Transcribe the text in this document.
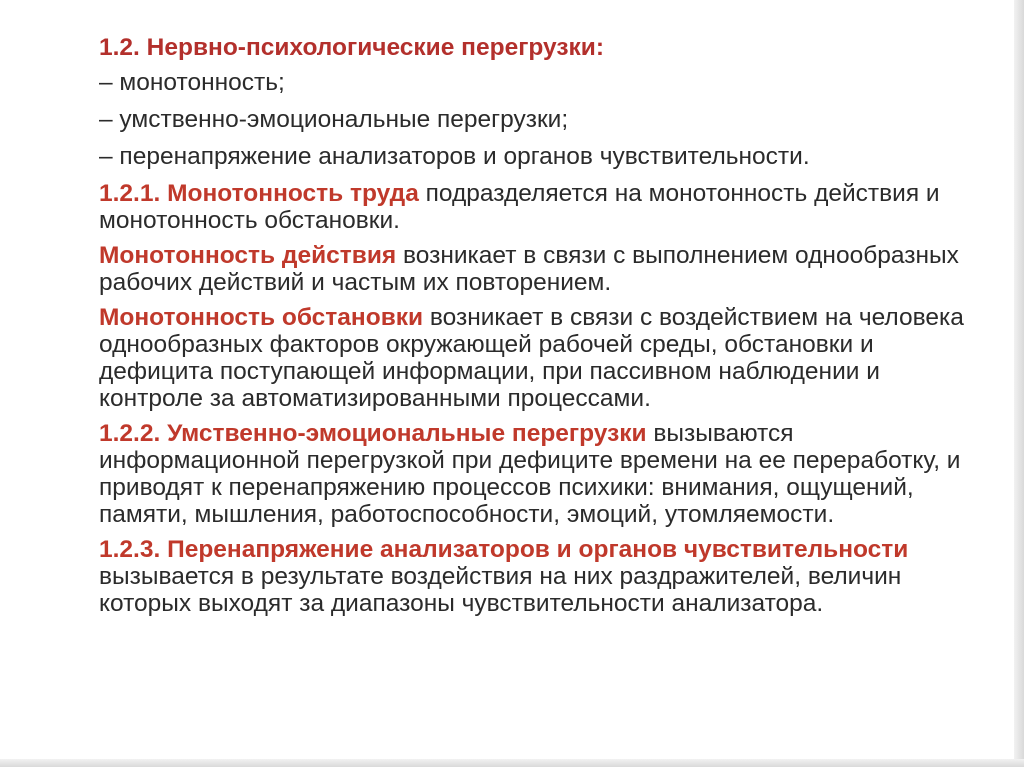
1.2. Нервно-психологические перегрузки:

– монотонность;

– умственно-эмоциональные перегрузки;

– перенапряжение анализаторов и органов чувствительности.

1.2.1. Монотонность труда подразделяется на монотонность действия и монотонность обстановки.

Монотонность действия возникает в связи с выполнением однообразных рабочих действий и частым их повторением.

Монотонность обстановки возникает в связи с воздействием на человека однообразных факторов окружающей рабочей среды, обстановки и дефицита поступающей информации, при пассивном наблюдении и контроле за автоматизированными процессами.

1.2.2. Умственно-эмоциональные перегрузки вызываются информационной перегрузкой при дефиците времени на ее переработку, и приводят к перенапряжению процессов психики: внимания, ощущений, памяти, мышления, работоспособности, эмоций, утомляемости.

1.2.3. Перенапряжение анализаторов и органов чувствительности вызывается в результате воздействия на них раздражителей, величин которых выходят за диапазоны чувствительности анализатора.
